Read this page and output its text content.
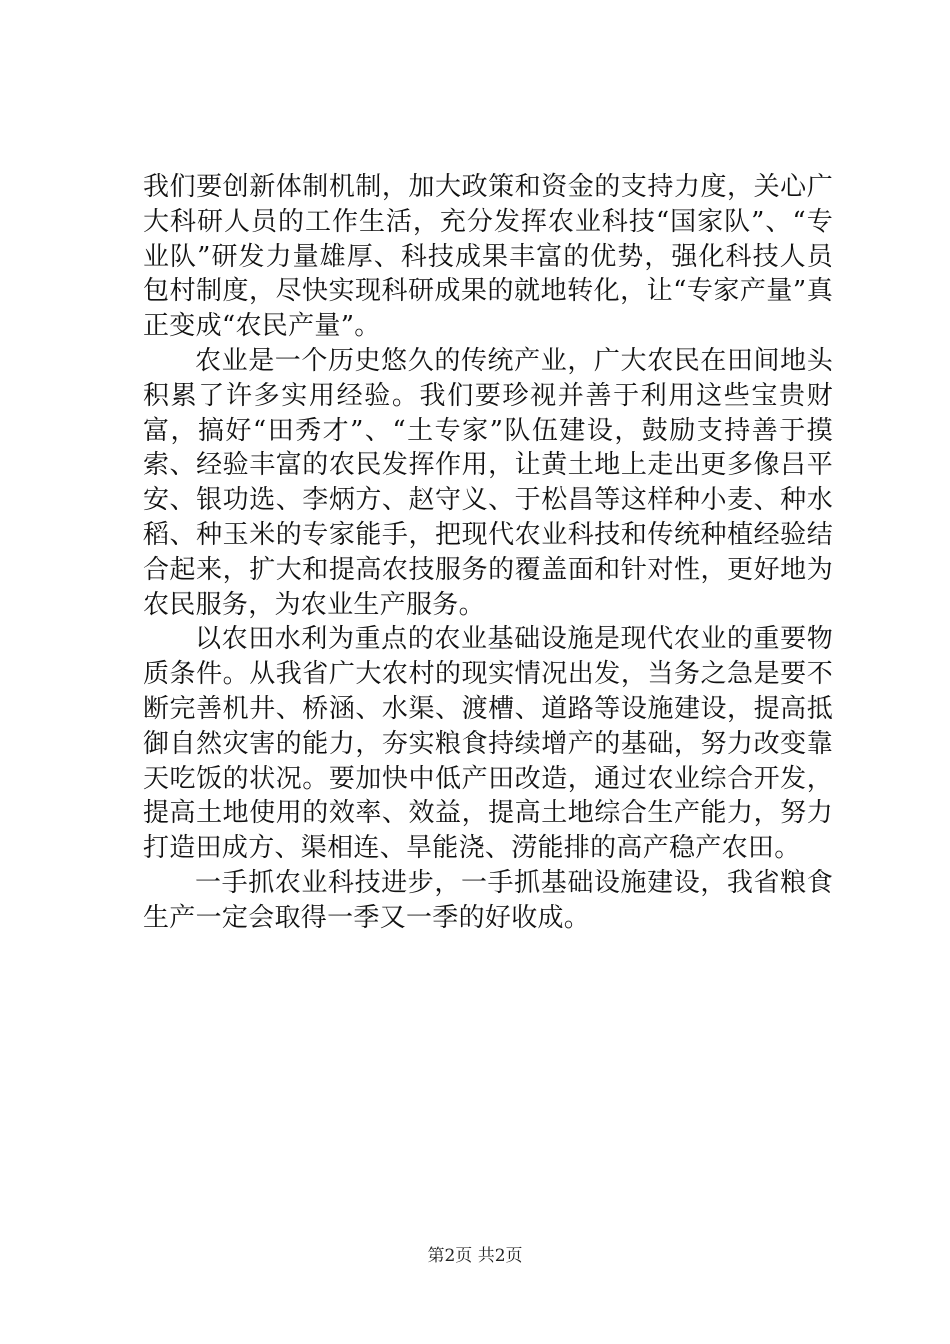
我们要创新体制机制，加大政策和资金的支持力度，关心广大科研人员的工作生活，充分发挥农业科技“国家队”、“专业队”研发力量雄厚、科技成果丰富的优势，强化科技人员包村制度，尽快实现科研成果的就地转化，让“专家产量”真正变成“农民产量”。

农业是一个历史悠久的传统产业，广大农民在田间地头积累了许多实用经验。我们要珍视并善于利用这些宝贵财富，搞好“田秀才”、“土专家”队伍建设，鼓励支持善于摸索、经验丰富的农民发挥作用，让黄土地上走出更多像吕平安、银功选、李炳方、赵守义、于松昌等这样种小麦、种水稻、种玉米的专家能手，把现代农业科技和传统种植经验结合起来，扩大和提高农技服务的覆盖面和针对性，更好地为农民服务，为农业生产服务。

以农田水利为重点的农业基础设施是现代农业的重要物质条件。从我省广大农村的现实情况出发，当务之急是要不断完善机井、桥涵、水渠、渡槽、道路等设施建设，提高抵御自然灾害的能力，夯实粮食持续增产的基础，努力改变靠天吃饭的状况。要加快中低产田改造，通过农业综合开发，提高土地使用的效率、效益，提高土地综合生产能力，努力打造田成方、渠相连、旱能浇、涝能排的高产稳产农田。

一手抓农业科技进步，一手抓基础设施建设，我省粮食生产一定会取得一季又一季的好收成。

第2页 共2页
